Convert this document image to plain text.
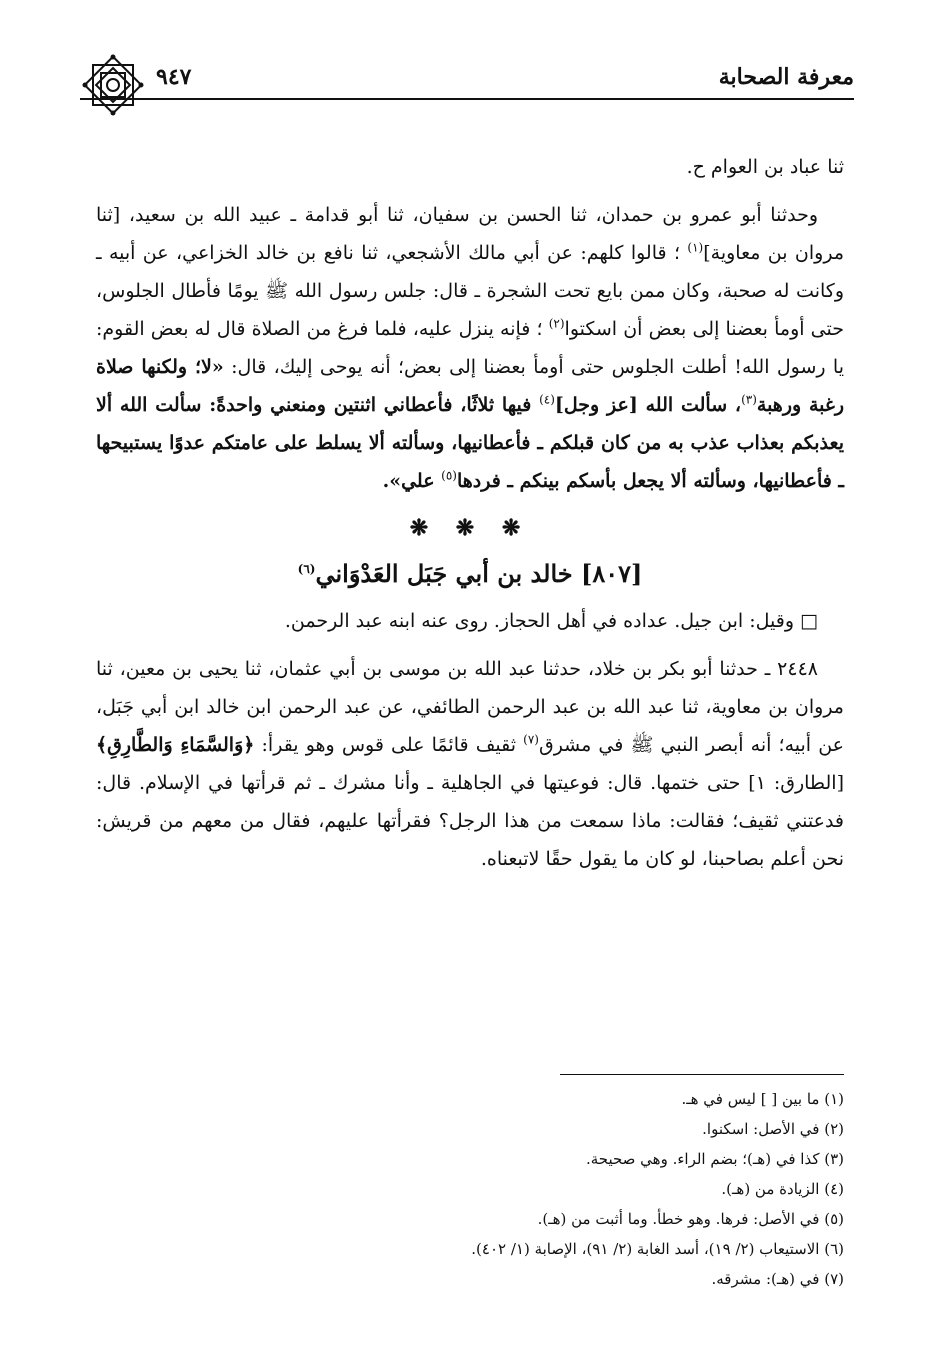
٩٤٧	معرفة الصحابة

ثنا عباد بن العوام ح.

وحدثنا أبو عمرو بن حمدان، ثنا الحسن بن سفيان، ثنا أبو قدامة ـ عبيد الله بن سعيد، [ثنا مروان بن معاوية]$^{(١)}$ ؛ قالوا كلهم: عن أبي مالك الأشجعي، ثنا نافع بن خالد الخزاعي، عن أبيه ـ وكانت له صحبة، وكان ممن بايع تحت الشجرة ـ قال: جلس رسول الله ﷺ يومًا فأطال الجلوس، حتى أومأ بعضنا إلى بعض أن اسكتوا$^{(٢)}$ ؛ فإنه ينزل عليه، فلما فرغ من الصلاة قال له بعض القوم: يا رسول الله! أطلت الجلوس حتى أومأ بعضنا إلى بعض؛ أنه يوحى إليك، قال: «لا؛ ولكنها صلاة رغبة ورهبة$^{(٣)}$، سألت الله [عز وجل]$^{(٤)}$ فيها ثلاثًا، فأعطاني اثنتين ومنعني واحدةً: سألت الله ألا يعذبكم بعذاب عذب به من كان قبلكم ـ فأعطانيها، وسألته ألا يسلط على عامتكم عدوًا يستبيحها ـ فأعطانيها، وسألته ألا يجعل بأسكم بينكم ـ فردها$^{(٥)}$ علي».

❋ ❋ ❋
[٨٠٧] خالد بن أبي جَبَل العَدْوَاني$^{(٦)}$

□ وقيل: ابن جيل. عداده في أهل الحجاز. روى عنه ابنه عبد الرحمن.

٢٤٤٨ ـ حدثنا أبو بكر بن خلاد، حدثنا عبد الله بن موسى بن أبي عثمان، ثنا يحيى بن معين، ثنا مروان بن معاوية، ثنا عبد الله بن عبد الرحمن الطائفي، عن عبد الرحمن ابن خالد ابن أبي جَبَل، عن أبيه؛ أنه أبصر النبي ﷺ في مشرق$^{(٧)}$ ثقيف قائمًا على قوس وهو يقرأ: ﴿وَالسَّمَاءِ وَالطَّارِقِ﴾ [الطارق: ١] حتى ختمها. قال: فوعيتها في الجاهلية ـ وأنا مشرك ـ ثم قرأتها في الإسلام. قال: فدعتني ثقيف؛ فقالت: ماذا سمعت من هذا الرجل؟ فقرأتها عليهم، فقال من معهم من قريش: نحن أعلم بصاحبنا، لو كان ما يقول حقًا لاتبعناه.

(١) ما بين [ ] ليس في هـ.
(٢) في الأصل: اسكنوا.
(٣) كذا في (هـ)؛ بضم الراء. وهي صحيحة.
(٤) الزيادة من (هـ).
(٥) في الأصل: فرها. وهو خطأ. وما أثبت من (هـ).
(٦) الاستيعاب (٢/ ١٩)، أسد الغابة (٢/ ٩١)، الإصابة (١/ ٤٠٢).
(٧) في (هـ): مشرقه.
